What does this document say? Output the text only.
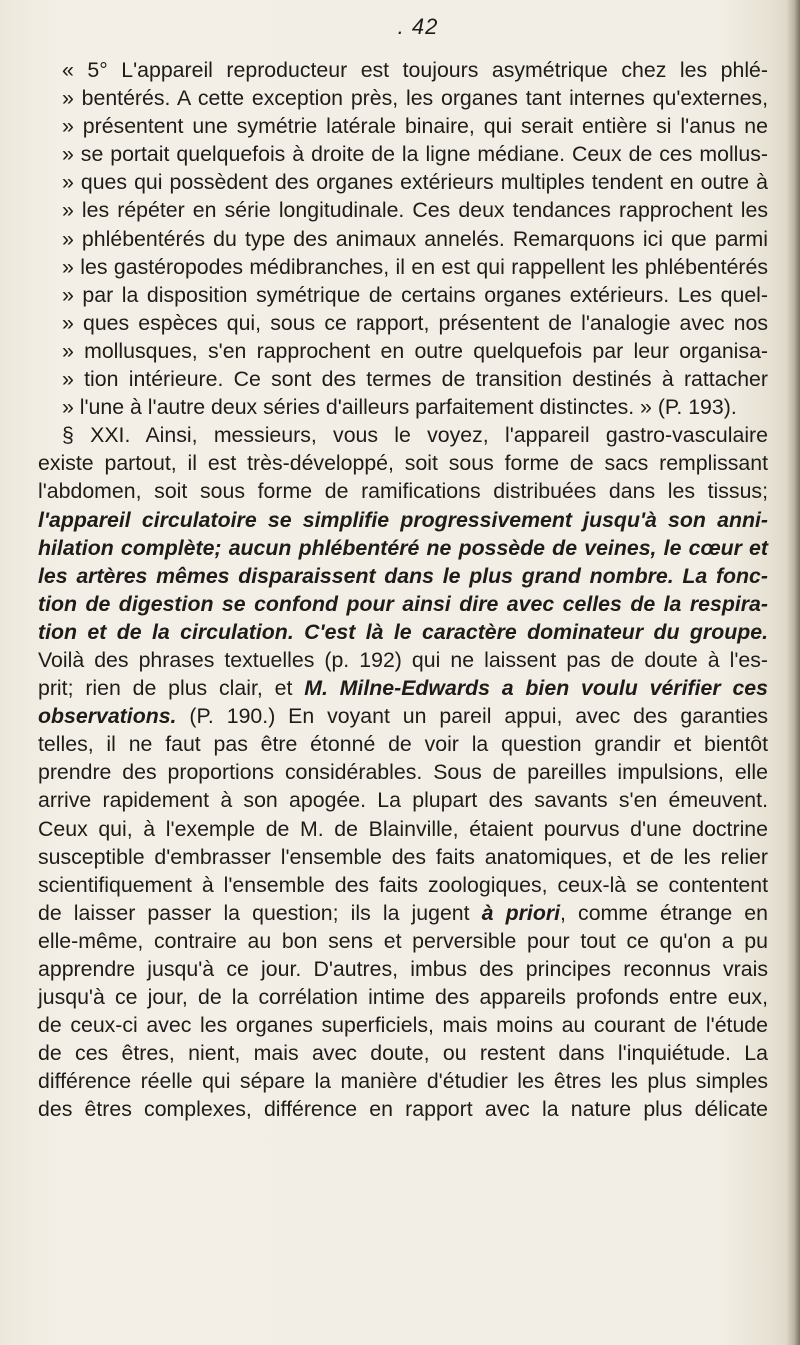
. 42
« 5° L'appareil reproducteur est toujours asymétrique chez les phlé-
» bentérés. A cette exception près, les organes tant internes qu'externes,
» présentent une symétrie latérale binaire, qui serait entière si l'anus ne
» se portait quelquefois à droite de la ligne médiane. Ceux de ces mollus-
» ques qui possèdent des organes extérieurs multiples tendent en outre à
» les répéter en série longitudinale. Ces deux tendances rapprochent les
» phlébentérés du type des animaux annelés. Remarquons ici que parmi
» les gastéropodes médibranches, il en est qui rappellent les phlébentérés
» par la disposition symétrique de certains organes extérieurs. Les quel-
» ques espèces qui, sous ce rapport, présentent de l'analogie avec nos
» mollusques, s'en rapprochent en outre quelquefois par leur organisa-
» tion intérieure. Ce sont des termes de transition destinés à rattacher
» l'une à l'autre deux séries d'ailleurs parfaitement distinctes. » (P. 193).
§ XXI. Ainsi, messieurs, vous le voyez, l'appareil gastro-vasculaire
existe partout, il est très-développé, soit sous forme de sacs remplissant
l'abdomen, soit sous forme de ramifications distribuées dans les tissus;
l'appareil circulatoire se simplifie progressivement jusqu'à son anni-
hilation complète; aucun phlébentéré ne possède de veines, le cœur et
les artères mêmes disparaissent dans le plus grand nombre. La fonc-
tion de digestion se confond pour ainsi dire avec celles de la respira-
tion et de la circulation. C'est là le caractère dominateur du groupe.
Voilà des phrases textuelles (p. 192) qui ne laissent pas de doute à l'es-
prit; rien de plus clair, et M. Milne-Edwards a bien voulu vérifier ces
observations. (P. 190.) En voyant un pareil appui, avec des garanties
telles, il ne faut pas être étonné de voir la question grandir et bientôt
prendre des proportions considérables. Sous de pareilles impulsions, elle
arrive rapidement à son apogée. La plupart des savants s'en émeuvent.
Ceux qui, à l'exemple de M. de Blainville, étaient pourvus d'une doctrine
susceptible d'embrasser l'ensemble des faits anatomiques, et de les relier
scientifiquement à l'ensemble des faits zoologiques, ceux-là se contentent
de laisser passer la question; ils la jugent à priori, comme étrange en
elle-même, contraire au bon sens et perversible pour tout ce qu'on a pu
apprendre jusqu'à ce jour. D'autres, imbus des principes reconnus vrais
jusqu'à ce jour, de la corrélation intime des appareils profonds entre eux,
de ceux-ci avec les organes superficiels, mais moins au courant de l'étude
de ces êtres, nient, mais avec doute, ou restent dans l'inquiétude. La
différence réelle qui sépare la manière d'étudier les êtres les plus simples
des êtres complexes, différence en rapport avec la nature plus délicate
